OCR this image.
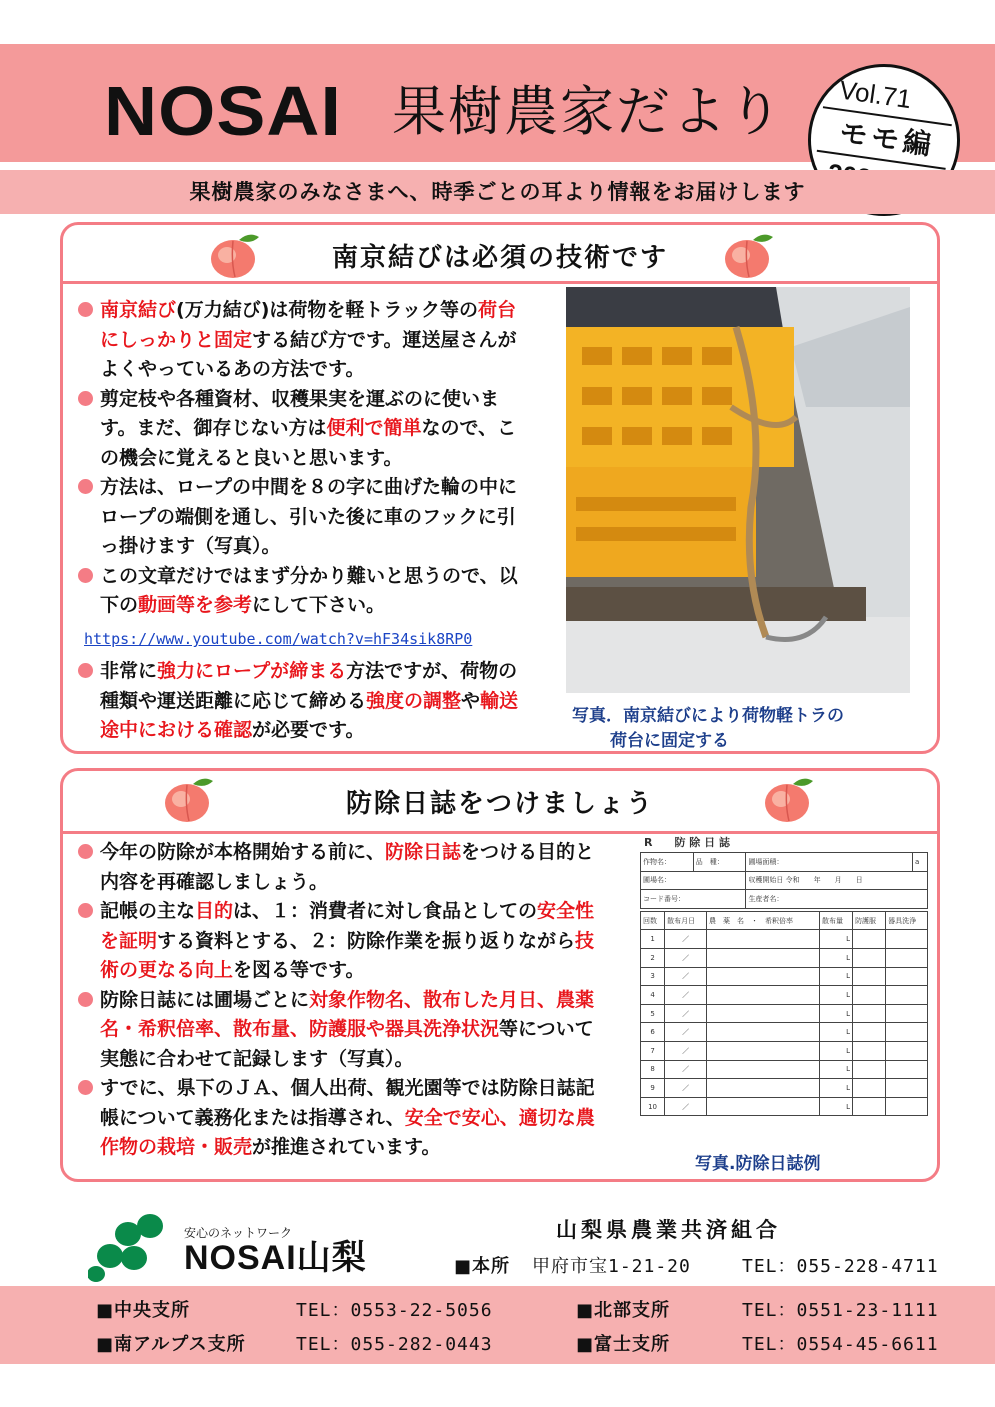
NOSAI 果樹農家だより Vol.71
モモ編
果樹農家のみなさまへ、時季ごとの耳より情報をお届けします
南京結びは必須の技術です

南京結び(万力結び)は荷物を軽トラック等の荷台にしっかりと固定する結び方です。運送屋さんがよくやっているあの方法です。

剪定枝や各種資材、収穫果実を運ぶのに使います。まだ、御存じない方は便利で簡単なので、この機会に覚えると良いと思います。

方法は、ロープの中間を８の字に曲げた輪の中にロープの端側を通し、引いた後に車のフックに引っ掛けます（写真）。

この文章だけではまず分かり難いと思うので、以下の動画等を参考にして下さい。

https://www.youtube.com/watch?v=hF34sik8RP0

非常に強力にロープが締まる方法ですが、荷物の種類や運送距離に応じて締める強度の調整や輸送途中における確認が必要です。

写真．南京結びにより荷物軽トラの
荷台に固定する
防除日誌をつけましょう

今年の防除が本格開始する前に、防除日誌をつける目的と内容を再確認しましょう。

記帳の主な目的は、１：消費者に対し食品としての安全性を証明する資料とする、２：防除作業を振り返りながら技術の更なる向上を図る等です。

防除日誌には圃場ごとに対象作物名、散布した月日、農薬名・希釈倍率、散布量、防護服や器具洗浄状況等について実態に合わせて記録します（写真）。

すでに、県下のＪＡ、個人出荷、観光園等では防除日誌記帳について義務化または指導され、安全で安心、適切な農作物の栽培・販売が推進されています。

R　　防 除 日 誌
作物名：	品　種：	圃場面積：	a
圃場名：		収穫開始日 令和　　年　　月　　日	
コード番号：		生産者名：	
回数	散布月日	農　薬　名　・　希釈倍率	散布量	防護服	器具洗浄
1	／		L		
2	／		L		
3	／		L		
4	／		L		
5	／		L		
6	／		L		
7	／		L		
8	／		L		
9	／		L		
10	／		L		
写真.防除日誌例
安心のネットワーク
NOSAI山梨
山梨県農業共済組合
■本所 甲府市宝1-21-20	TEL：055-228-4711
■中央支所	TEL：0553-22-5056	■北部支所	TEL：0551-23-1111
■南アルプス支所	TEL：055-282-0443	■富士支所	TEL：0554-45-6611
